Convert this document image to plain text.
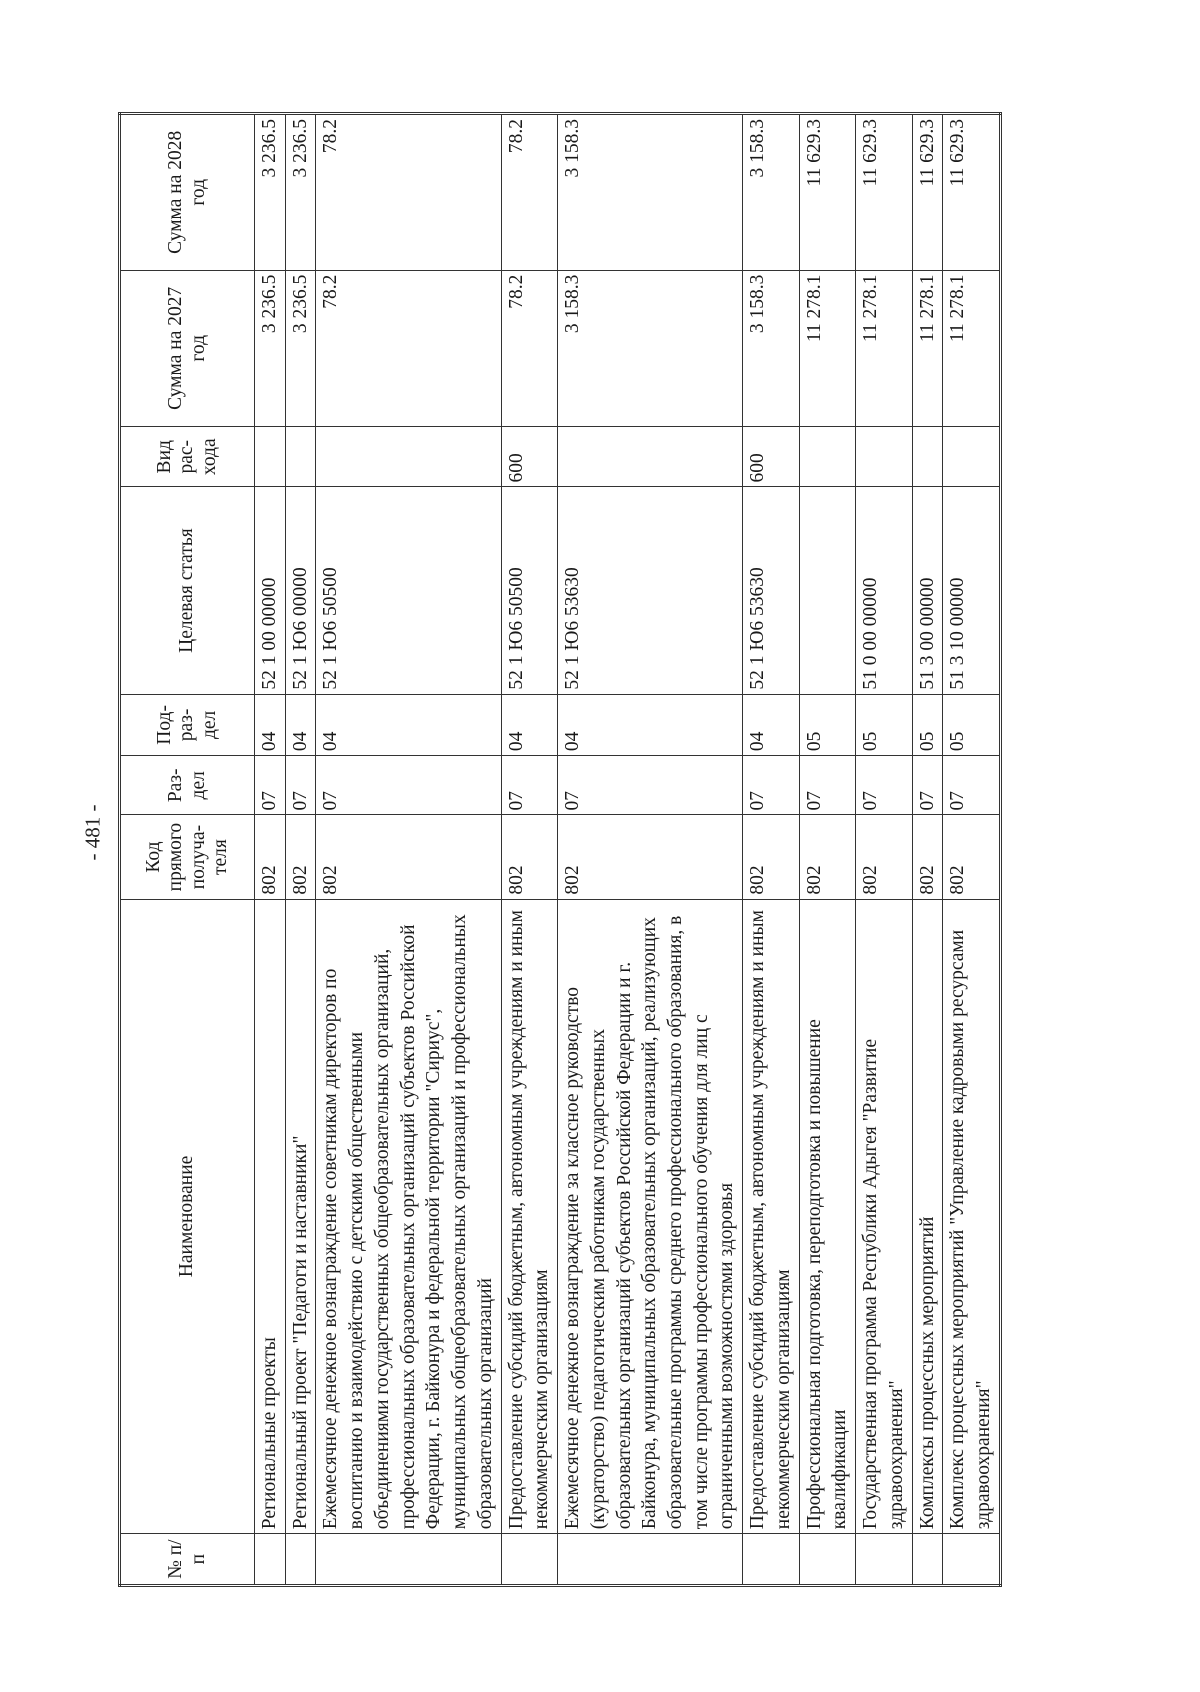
- 481 -
№ п/п	Наименование	Код прямого получа-теля	Раз-дел	Под-раз-дел	Целевая статья	Вид рас-хода	Сумма на 2027 год	Сумма на 2028 год
	Региональные проекты	802	07	04	52 1 00 00000		3 236.5	3 236.5
	Региональный проект "Педагоги и наставники"	802	07	04	52 1 Ю6 00000		3 236.5	3 236.5
	Ежемесячное денежное вознаграждение советникам директоров по воспитанию и взаимодействию с детскими общественными объединениями государственных общеобразовательных организаций, профессиональных образовательных организаций субъектов Российской Федерации, г. Байконура и федеральной территории "Сириус", муниципальных общеобразовательных организаций и профессиональных образовательных организаций	802	07	04	52 1 Ю6 50500		78.2	78.2
	Предоставление субсидий бюджетным, автономным учреждениям и иным некоммерческим организациям	802	07	04	52 1 Ю6 50500	600	78.2	78.2
	Ежемесячное денежное вознаграждение за классное руководство (кураторство) педагогическим работникам государственных образовательных организаций субъектов Российской Федерации и г. Байконура, муниципальных образовательных организаций, реализующих образовательные программы среднего профессионального образования, в том числе программы профессионального обучения для лиц с ограниченными возможностями здоровья	802	07	04	52 1 Ю6 53630		3 158.3	3 158.3
	Предоставление субсидий бюджетным, автономным учреждениям и иным некоммерческим организациям	802	07	04	52 1 Ю6 53630	600	3 158.3	3 158.3
	Профессиональная подготовка, переподготовка и повышение квалификации	802	07	05			11 278.1	11 629.3
	Государственная программа Республики Адыгея "Развитие здравоохранения"	802	07	05	51 0 00 00000		11 278.1	11 629.3
	Комплексы процессных мероприятий	802	07	05	51 3 00 00000		11 278.1	11 629.3
	Комплекс процессных мероприятий "Управление кадровыми ресурсами здравоохранения"	802	07	05	51 3 10 00000		11 278.1	11 629.3
